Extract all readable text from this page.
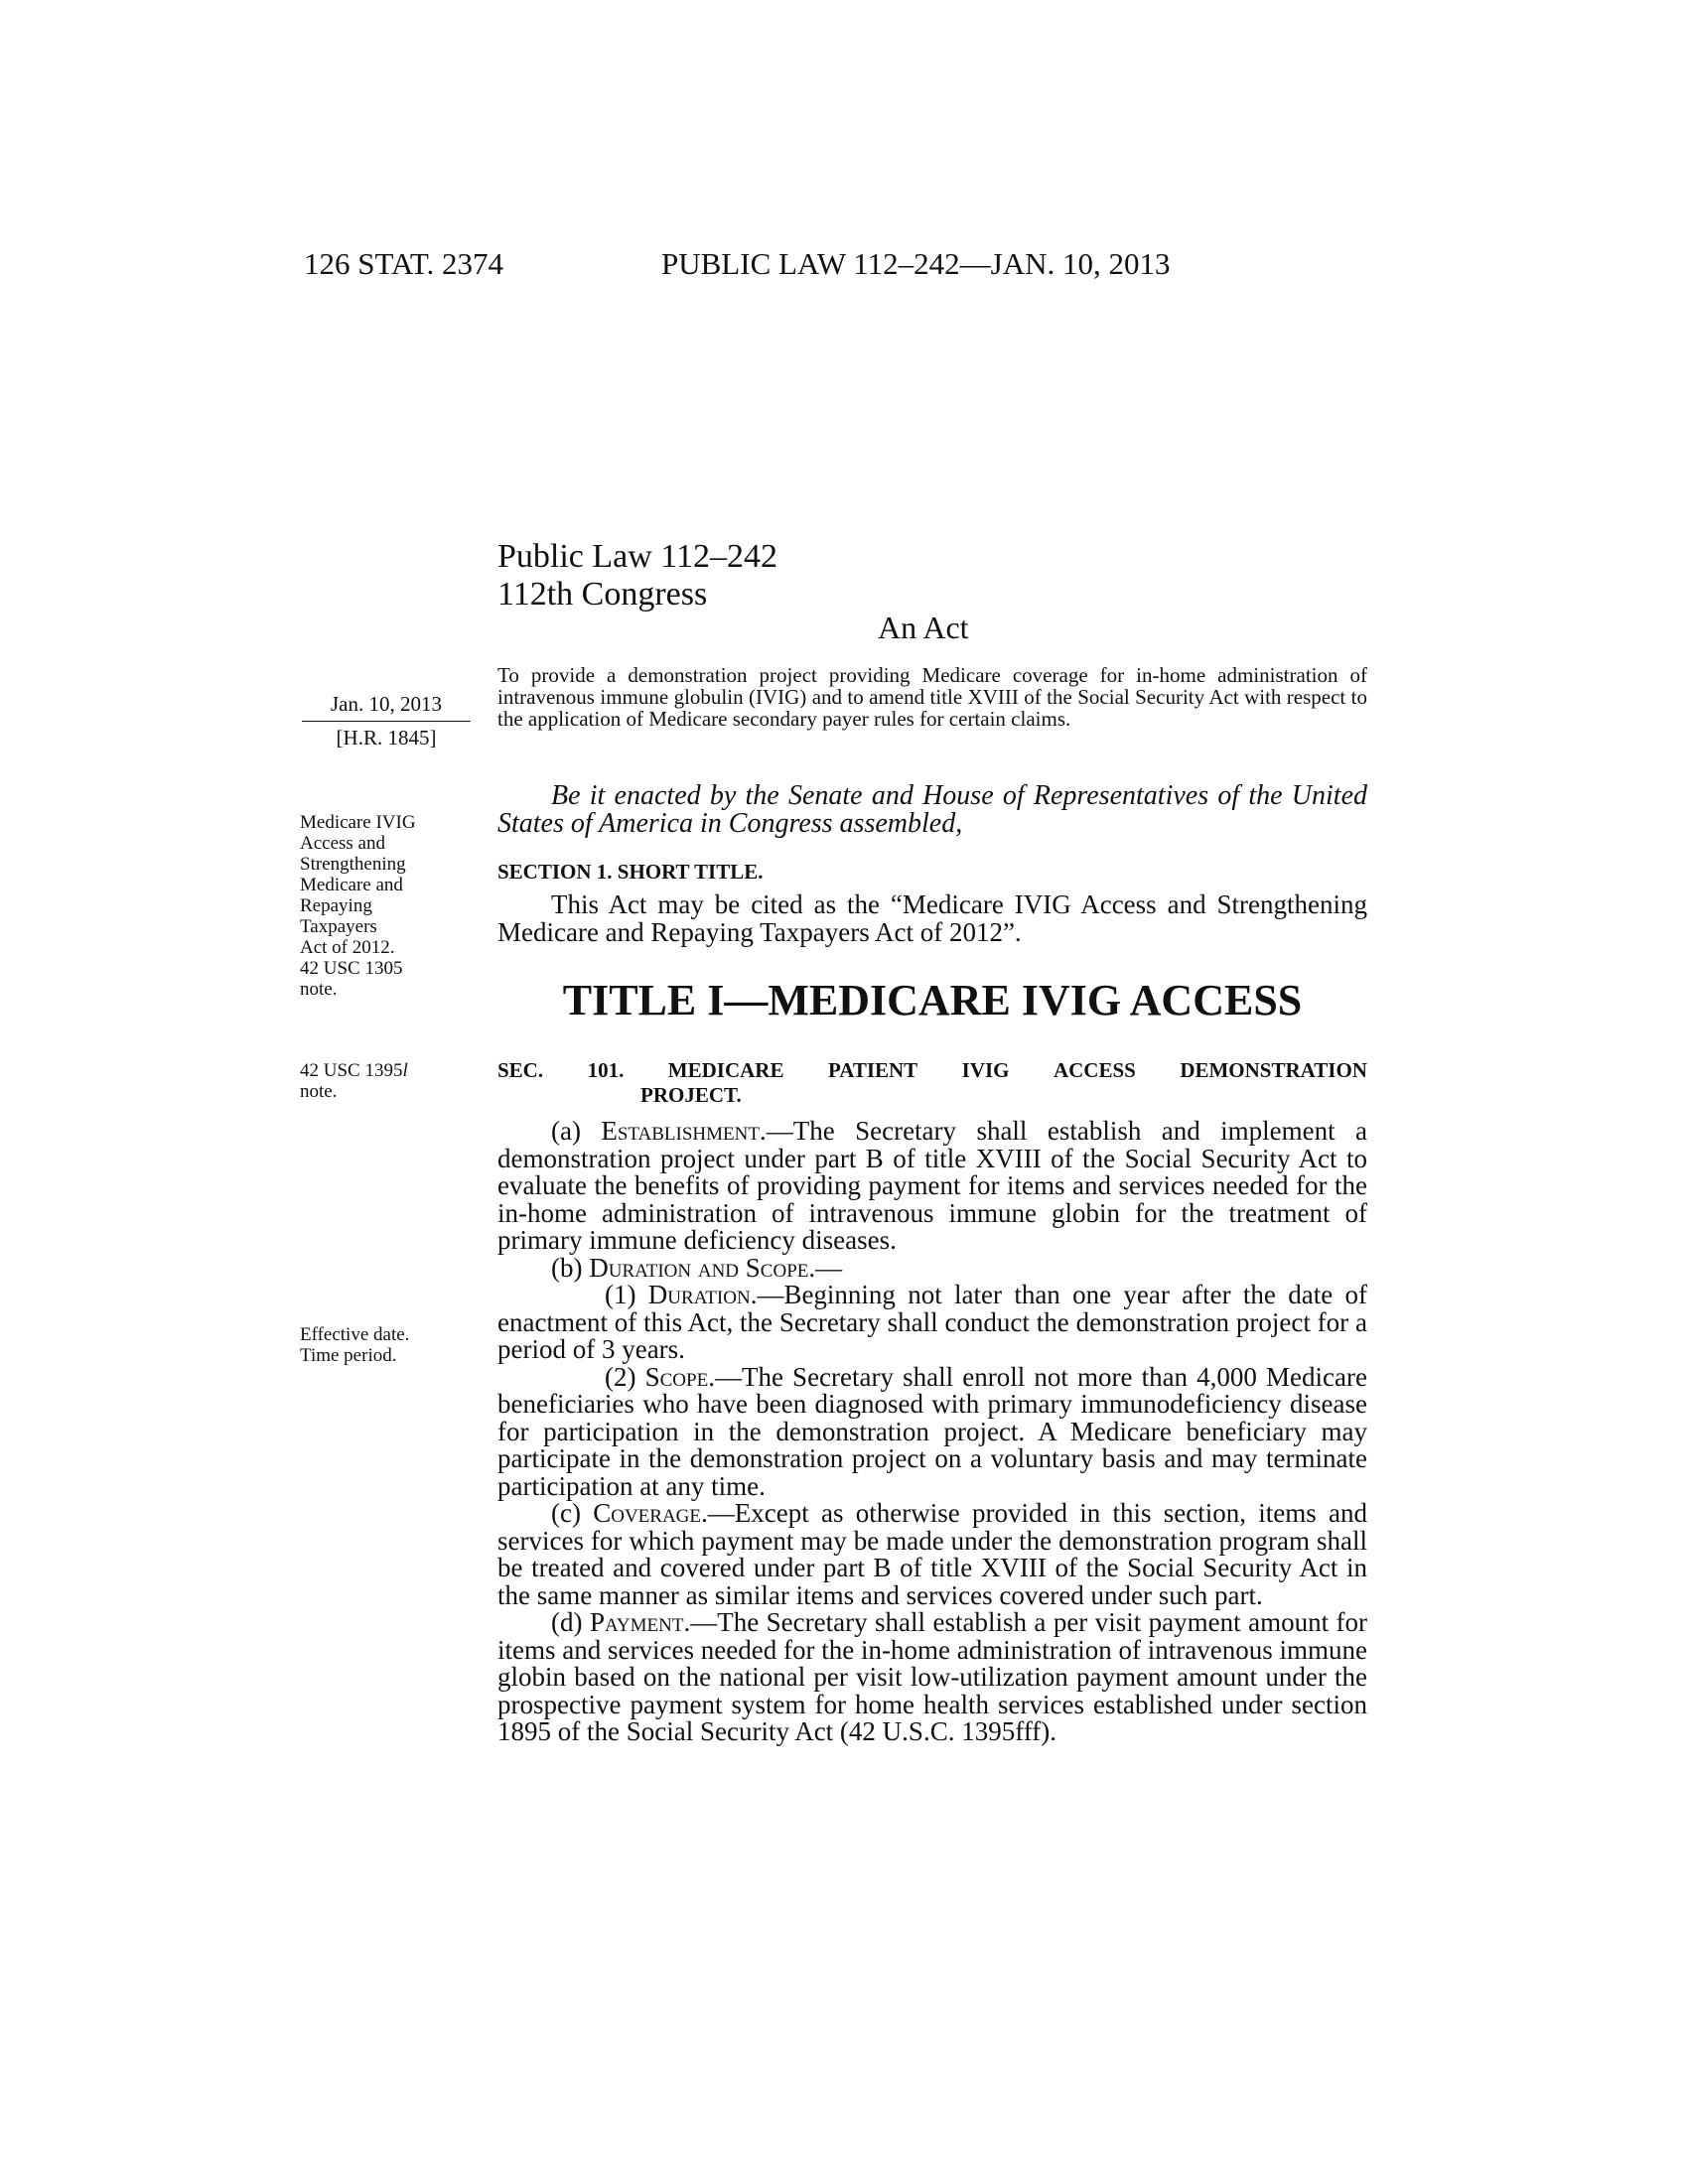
126 STAT. 2374	PUBLIC LAW 112–242—JAN. 10, 2013
Public Law 112–242
112th Congress
An Act
Jan. 10, 2013
[H.R. 1845]
To provide a demonstration project providing Medicare coverage for in-home administration of intravenous immune globulin (IVIG) and to amend title XVIII of the Social Security Act with respect to the application of Medicare secondary payer rules for certain claims.
Medicare IVIG
Access and
Strengthening
Medicare and
Repaying
Taxpayers
Act of 2012.
42 USC 1305
note.
Be it enacted by the Senate and House of Representatives of the United States of America in Congress assembled,
SECTION 1. SHORT TITLE.

This Act may be cited as the “Medicare IVIG Access and Strengthening Medicare and Repaying Taxpayers Act of 2012”.

TITLE I—MEDICARE IVIG ACCESS
42 USC 1395l
note.
SEC. 101. MEDICARE PATIENT IVIG ACCESS DEMONSTRATION
PROJECT.
Effective date.
Time period.

(a) Establishment.—The Secretary shall establish and implement a demonstration project under part B of title XVIII of the Social Security Act to evaluate the benefits of providing payment for items and services needed for the in-home administration of intravenous immune globin for the treatment of primary immune deficiency diseases.

(b) Duration and Scope.—

(1) Duration.—Beginning not later than one year after the date of enactment of this Act, the Secretary shall conduct the demonstration project for a period of 3 years.

(2) Scope.—The Secretary shall enroll not more than 4,000 Medicare beneficiaries who have been diagnosed with primary immunodeficiency disease for participation in the demonstration project. A Medicare beneficiary may participate in the demonstration project on a voluntary basis and may terminate participation at any time.

(c) Coverage.—Except as otherwise provided in this section, items and services for which payment may be made under the demonstration program shall be treated and covered under part B of title XVIII of the Social Security Act in the same manner as similar items and services covered under such part.

(d) Payment.—The Secretary shall establish a per visit payment amount for items and services needed for the in-home administration of intravenous immune globin based on the national per visit low-utilization payment amount under the prospective payment system for home health services established under section 1895 of the Social Security Act (42 U.S.C. 1395fff).
